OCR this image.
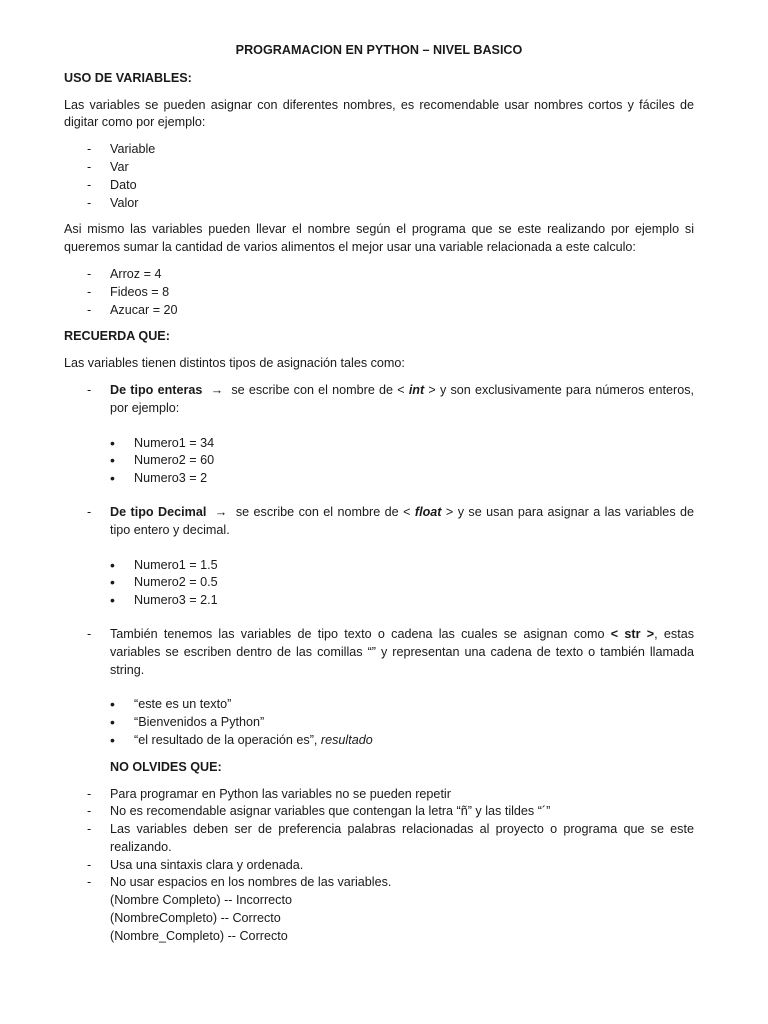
PROGRAMACION EN PYTHON – NIVEL BASICO
USO DE VARIABLES:

Las variables se pueden asignar con diferentes nombres, es recomendable usar nombres cortos y fáciles de digitar como por ejemplo:

- Variable
- Var
- Dato
- Valor

Asi mismo las variables pueden llevar el nombre según el programa que se este realizando por ejemplo si queremos sumar la cantidad de varios alimentos el mejor usar una variable relacionada a este calculo:

- Arroz = 4
- Fideos = 8
- Azucar = 20
RECUERDA QUE:

Las variables tienen distintos tipos de asignación tales como:

- De tipo enteras → se escribe con el nombre de < int > y son exclusivamente para números enteros, por ejemplo:
• Numero1 = 34
• Numero2 = 60
• Numero3 = 2
- De tipo Decimal → se escribe con el nombre de < float > y se usan para asignar a las variables de tipo entero y decimal.
• Numero1 = 1.5
• Numero2 = 0.5
• Numero3 = 2.1
- También tenemos las variables de tipo texto o cadena las cuales se asignan como < str >, estas variables se escriben dentro de las comillas “” y representan una cadena de texto o también llamada string.
• “este es un texto”
• “Bienvenidos a Python”
• “el resultado de la operación es”, resultado
NO OLVIDES QUE:
- Para programar en Python las variables no se pueden repetir
- No es recomendable asignar variables que contengan la letra “ñ” y las tildes “´”
- Las variables deben ser de preferencia palabras relacionadas al proyecto o programa que se este realizando.
- Usa una sintaxis clara y ordenada.
- No usar espacios en los nombres de las variables.
(Nombre Completo) -- Incorrecto
(NombreCompleto) -- Correcto
(Nombre_Completo) -- Correcto
